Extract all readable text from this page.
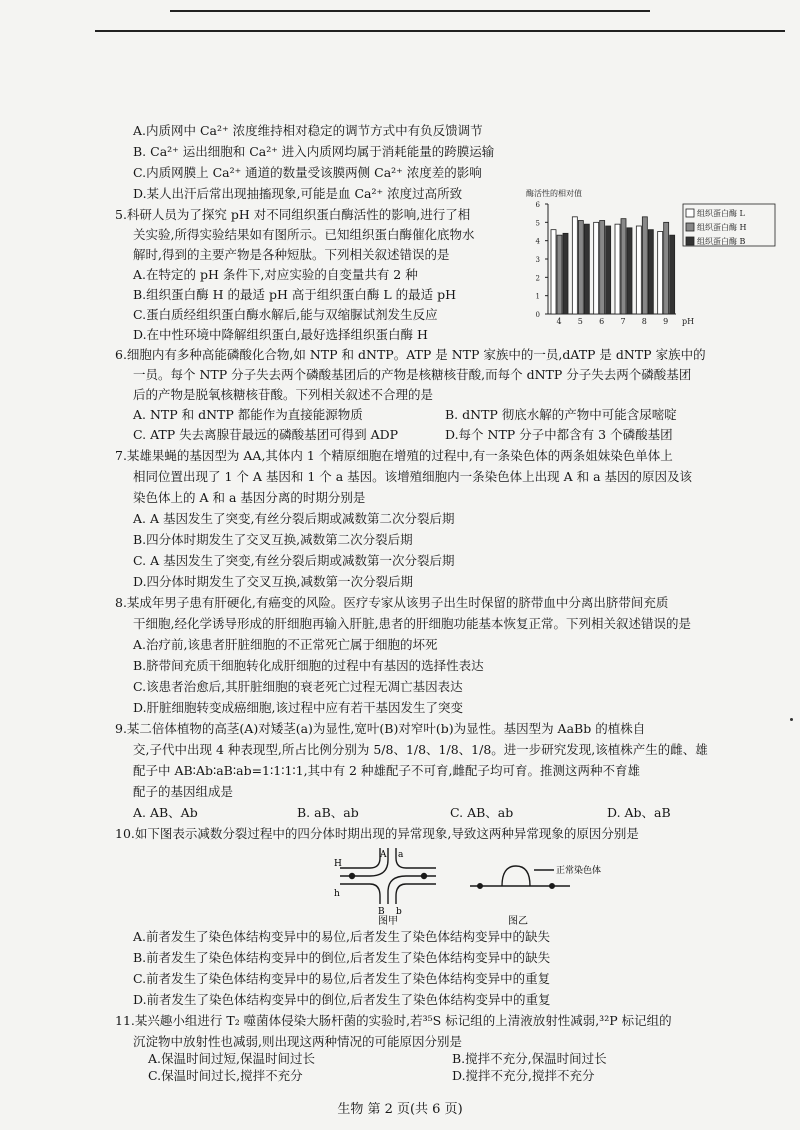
A.内质网中 Ca²⁺ 浓度维持相对稳定的调节方式中有负反馈调节
B. Ca²⁺ 运出细胞和 Ca²⁺ 进入内质网均属于消耗能量的跨膜运输
C.内质网膜上 Ca²⁺ 通道的数量受该膜两侧 Ca²⁺ 浓度差的影响
D.某人出汗后常出现抽搐现象,可能是血 Ca²⁺ 浓度过高所致
5.科研人员为了探究 pH 对不同组织蛋白酶活性的影响,进行了相
关实验,所得实验结果如有图所示。已知组织蛋白酶催化底物水
解时,得到的主要产物是各种短肽。下列相关叙述错误的是
A.在特定的 pH 条件下,对应实验的自变量共有 2 种
B.组织蛋白酶 H 的最适 pH 高于组织蛋白酶 L 的最适 pH
C.蛋白质经组织蛋白酶水解后,能与双缩脲试剂发生反应
D.在中性环境中降解组织蛋白,最好选择组织蛋白酶 H
酶活性的相对值
0
1
2
3
4
5
6
4 5 6 7 8 9 pH
组织蛋白酶 L
组织蛋白酶 H
组织蛋白酶 B
6.细胞内有多种高能磷酸化合物,如 NTP 和 dNTP。ATP 是 NTP 家族中的一员,dATP 是 dNTP 家族中的
一员。每个 NTP 分子失去两个磷酸基团后的产物是核糖核苷酸,而每个 dNTP 分子失去两个磷酸基团
后的产物是脱氧核糖核苷酸。下列相关叙述不合理的是
A. NTP 和 dNTP 都能作为直接能源物质	B. dNTP 彻底水解的产物中可能含尿嘧啶
C. ATP 失去离腺苷最远的磷酸基团可得到 ADP	D.每个 NTP 分子中都含有 3 个磷酸基团
7.某雄果蝇的基因型为 AA,其体内 1 个精原细胞在增殖的过程中,有一条染色体的两条姐妹染色单体上
相同位置出现了 1 个 A 基因和 1 个 a 基因。该增殖细胞内一条染色体上出现 A 和 a 基因的原因及该
染色体上的 A 和 a 基因分离的时期分别是
A. A 基因发生了突变,有丝分裂后期或减数第二次分裂后期
B.四分体时期发生了交叉互换,减数第二次分裂后期
C. A 基因发生了突变,有丝分裂后期或减数第一次分裂后期
D.四分体时期发生了交叉互换,减数第一次分裂后期
8.某成年男子患有肝硬化,有癌变的风险。医疗专家从该男子出生时保留的脐带血中分离出脐带间充质
干细胞,经化学诱导形成的肝细胞再输入肝脏,患者的肝细胞功能基本恢复正常。下列相关叙述错误的是
A.治疗前,该患者肝脏细胞的不正常死亡属于细胞的坏死
B.脐带间充质干细胞转化成肝细胞的过程中有基因的选择性表达
C.该患者治愈后,其肝脏细胞的衰老死亡过程无凋亡基因表达
D.肝脏细胞转变成癌细胞,该过程中应有若干基因发生了突变
9.某二倍体植物的高茎(A)对矮茎(a)为显性,宽叶(B)对窄叶(b)为显性。基因型为 AaBb 的植株自
交,子代中出现 4 种表现型,所占比例分别为 5/8、1/8、1/8、1/8。进一步研究发现,该植株产生的雌、雄
配子中 AB∶Ab∶aB∶ab=1∶1∶1∶1,其中有 2 种雄配子不可育,雌配子均可育。推测这两种不育雄
配子的基因组成是
A. AB、Ab	B. aB、ab	C. AB、ab	D. Ab、aB
10.如下图表示减数分裂过程中的四分体时期出现的异常现象,导致这两种异常现象的原因分别是
A a
H
h
B b
正常染色体
图甲	图乙
A.前者发生了染色体结构变异中的易位,后者发生了染色体结构变异中的缺失
B.前者发生了染色体结构变异中的倒位,后者发生了染色体结构变异中的缺失
C.前者发生了染色体结构变异中的易位,后者发生了染色体结构变异中的重复
D.前者发生了染色体结构变异中的倒位,后者发生了染色体结构变异中的重复
11.某兴趣小组进行 T₂ 噬菌体侵染大肠杆菌的实验时,若³⁵S 标记组的上清液放射性减弱,³²P 标记组的
沉淀物中放射性也减弱,则出现这两种情况的可能原因分别是
A.保温时间过短,保温时间过长	B.搅拌不充分,保温时间过长
生物 第 2 页(共 6 页)
C.保温时间过长,搅拌不充分	D.搅拌不充分,搅拌不充分
